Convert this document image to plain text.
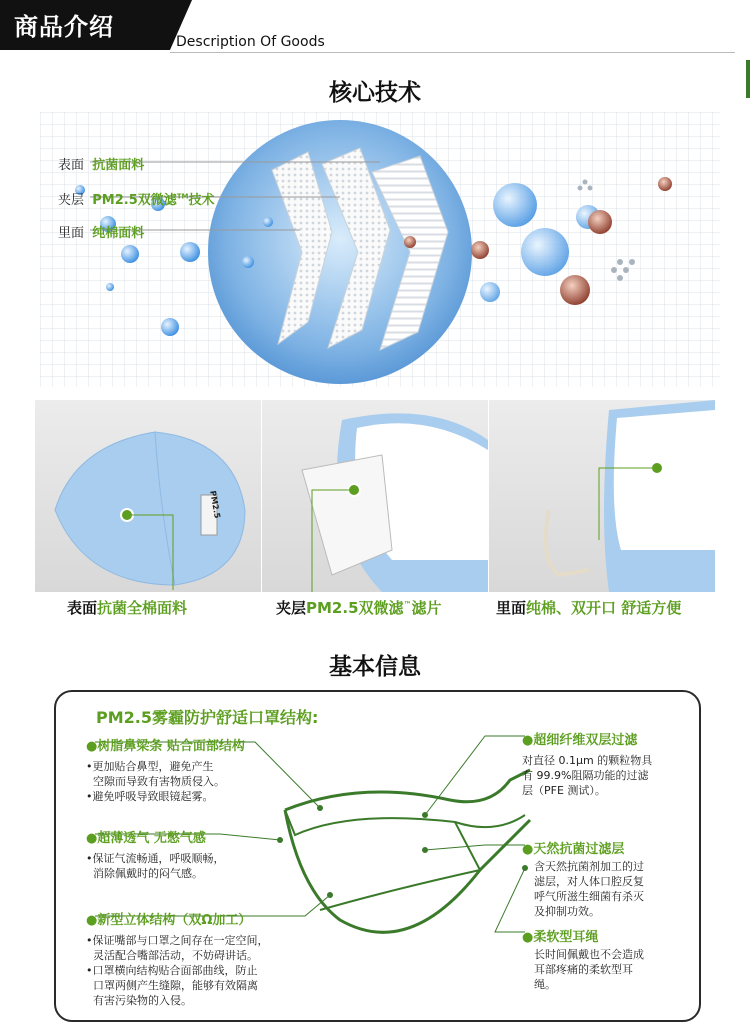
商品介绍
Description Of Goods
核心技术
表面 抗菌面料
夹层 PM2.5双微滤™技术
里面 纯棉面料
PM2.5
表面抗菌全棉面料	夹层PM2.5双微滤™滤片	里面纯棉、双开口 舒适方便
基本信息
PM2.5雾霾防护舒适口罩结构:
●树脂鼻梁条 贴合面部结构
•更加贴合鼻型，避免产生
空隙而导致有害物质侵入。
•避免呼吸导致眼镜起雾。
●超薄透气 无憋气感
•保证气流畅通，呼吸顺畅，
消除佩戴时的闷气感。
●新型立体结构（双Ω加工）
•保证嘴部与口罩之间存在一定空间，
灵活配合嘴部活动，不妨碍讲话。
•口罩横向结构贴合面部曲线，防止
口罩两侧产生缝隙，能够有效隔离
有害污染物的入侵。
●超细纤维双层过滤
对直径 0.1μm 的颗粒物具
有 99.9%阻隔功能的过滤
层（PFE 测试）。
●天然抗菌过滤层
含天然抗菌剂加工的过
滤层，对人体口腔反复
呼气所滋生细菌有杀灭
及抑制功效。
●柔软型耳绳
长时间佩戴也不会造成
耳部疼痛的柔软型耳
绳。
